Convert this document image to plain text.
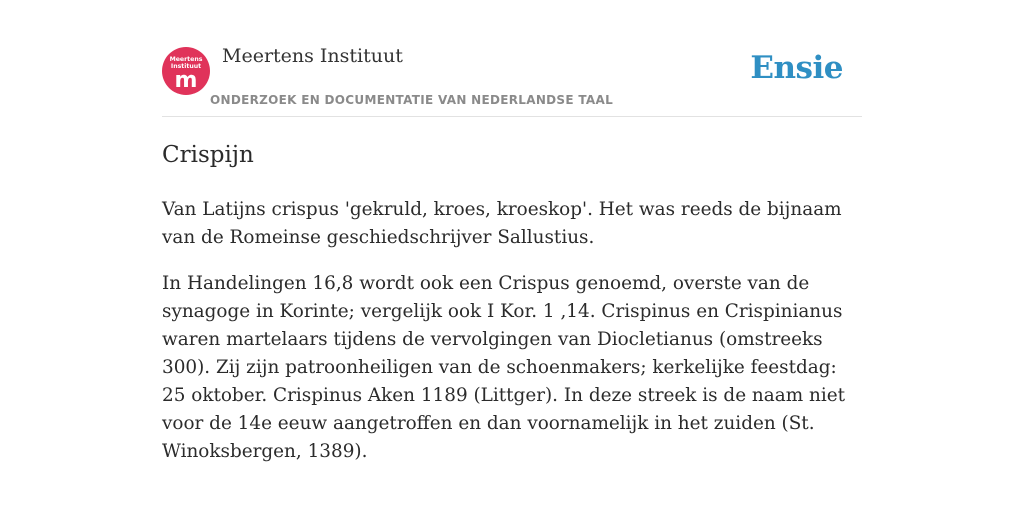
Meertens
Instituut
m
Meertens Instituut
ONDERZOEK EN DOCUMENTATIE VAN NEDERLANDSE TAAL
Ensie
Crispijn

Van Latijns crispus 'gekruld, kroes, kroeskop'. Het was reeds de bijnaam van de Romeinse geschiedschrijver Sallustius.

In Handelingen 16,8 wordt ook een Crispus genoemd, overste van de synagoge in Korinte; vergelijk ook I Kor. 1 ,14. Crispinus en Crispinianus waren martelaars tijdens de vervolgingen van Diocletianus (omstreeks 300). Zij zijn patroonheiligen van de schoenmakers; kerkelijke feestdag: 25 oktober. Crispinus Aken 1189 (Littger). In deze streek is de naam niet voor de 14e eeuw aangetroffen en dan voornamelijk in het zuiden (St. Winoksbergen, 1389).
